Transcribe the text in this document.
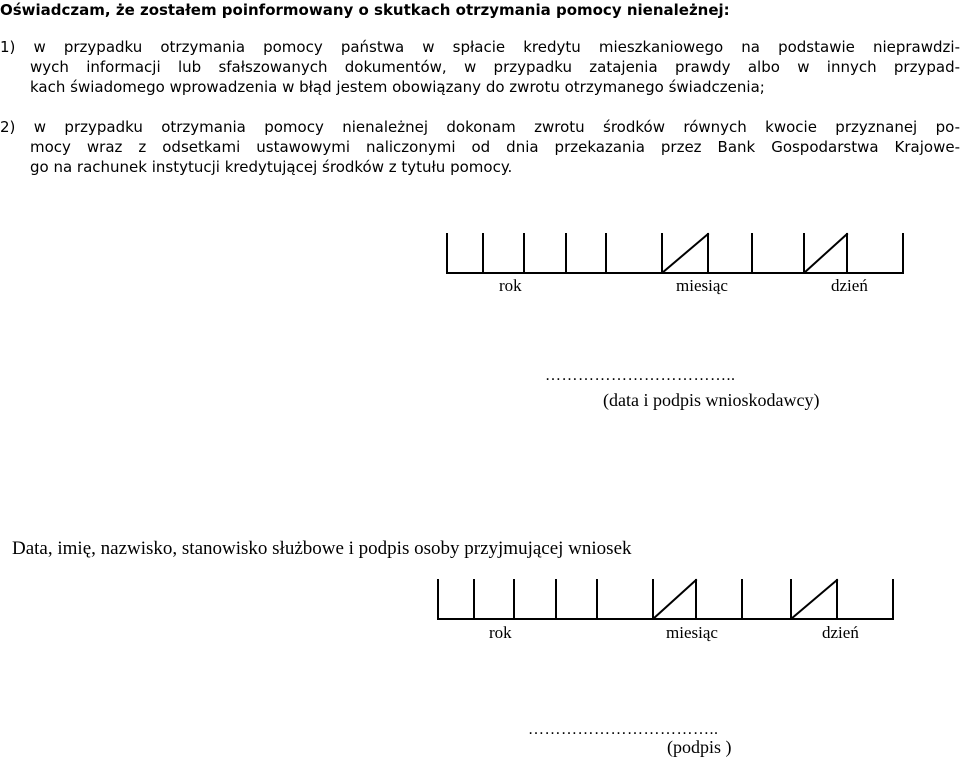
Oświadczam, że zostałem poinformowany o skutkach otrzymania pomocy nienależnej:
1) w przypadku otrzymania pomocy państwa w spłacie kredytu mieszkaniowego na podstawie nieprawdzi-
wych informacji lub sfałszowanych dokumentów, w przypadku zatajenia prawdy albo w innych przypad-
kach świadomego wprowadzenia w błąd jestem obowiązany do zwrotu otrzymanego świadczenia;
2) w przypadku otrzymania pomocy nienależnej dokonam zwrotu środków równych kwocie przyznanej po-
mocy wraz z odsetkami ustawowymi naliczonymi od dnia przekazania przez Bank Gospodarstwa Krajowe-
go na rachunek instytucji kredytującej środków z tytułu pomocy.
rok	miesiąc	dzień
……………………………..
(data i podpis wnioskodawcy)
Data, imię, nazwisko, stanowisko służbowe i podpis osoby przyjmującej wniosek
rok	miesiąc	dzień
……………………………..
(podpis )
